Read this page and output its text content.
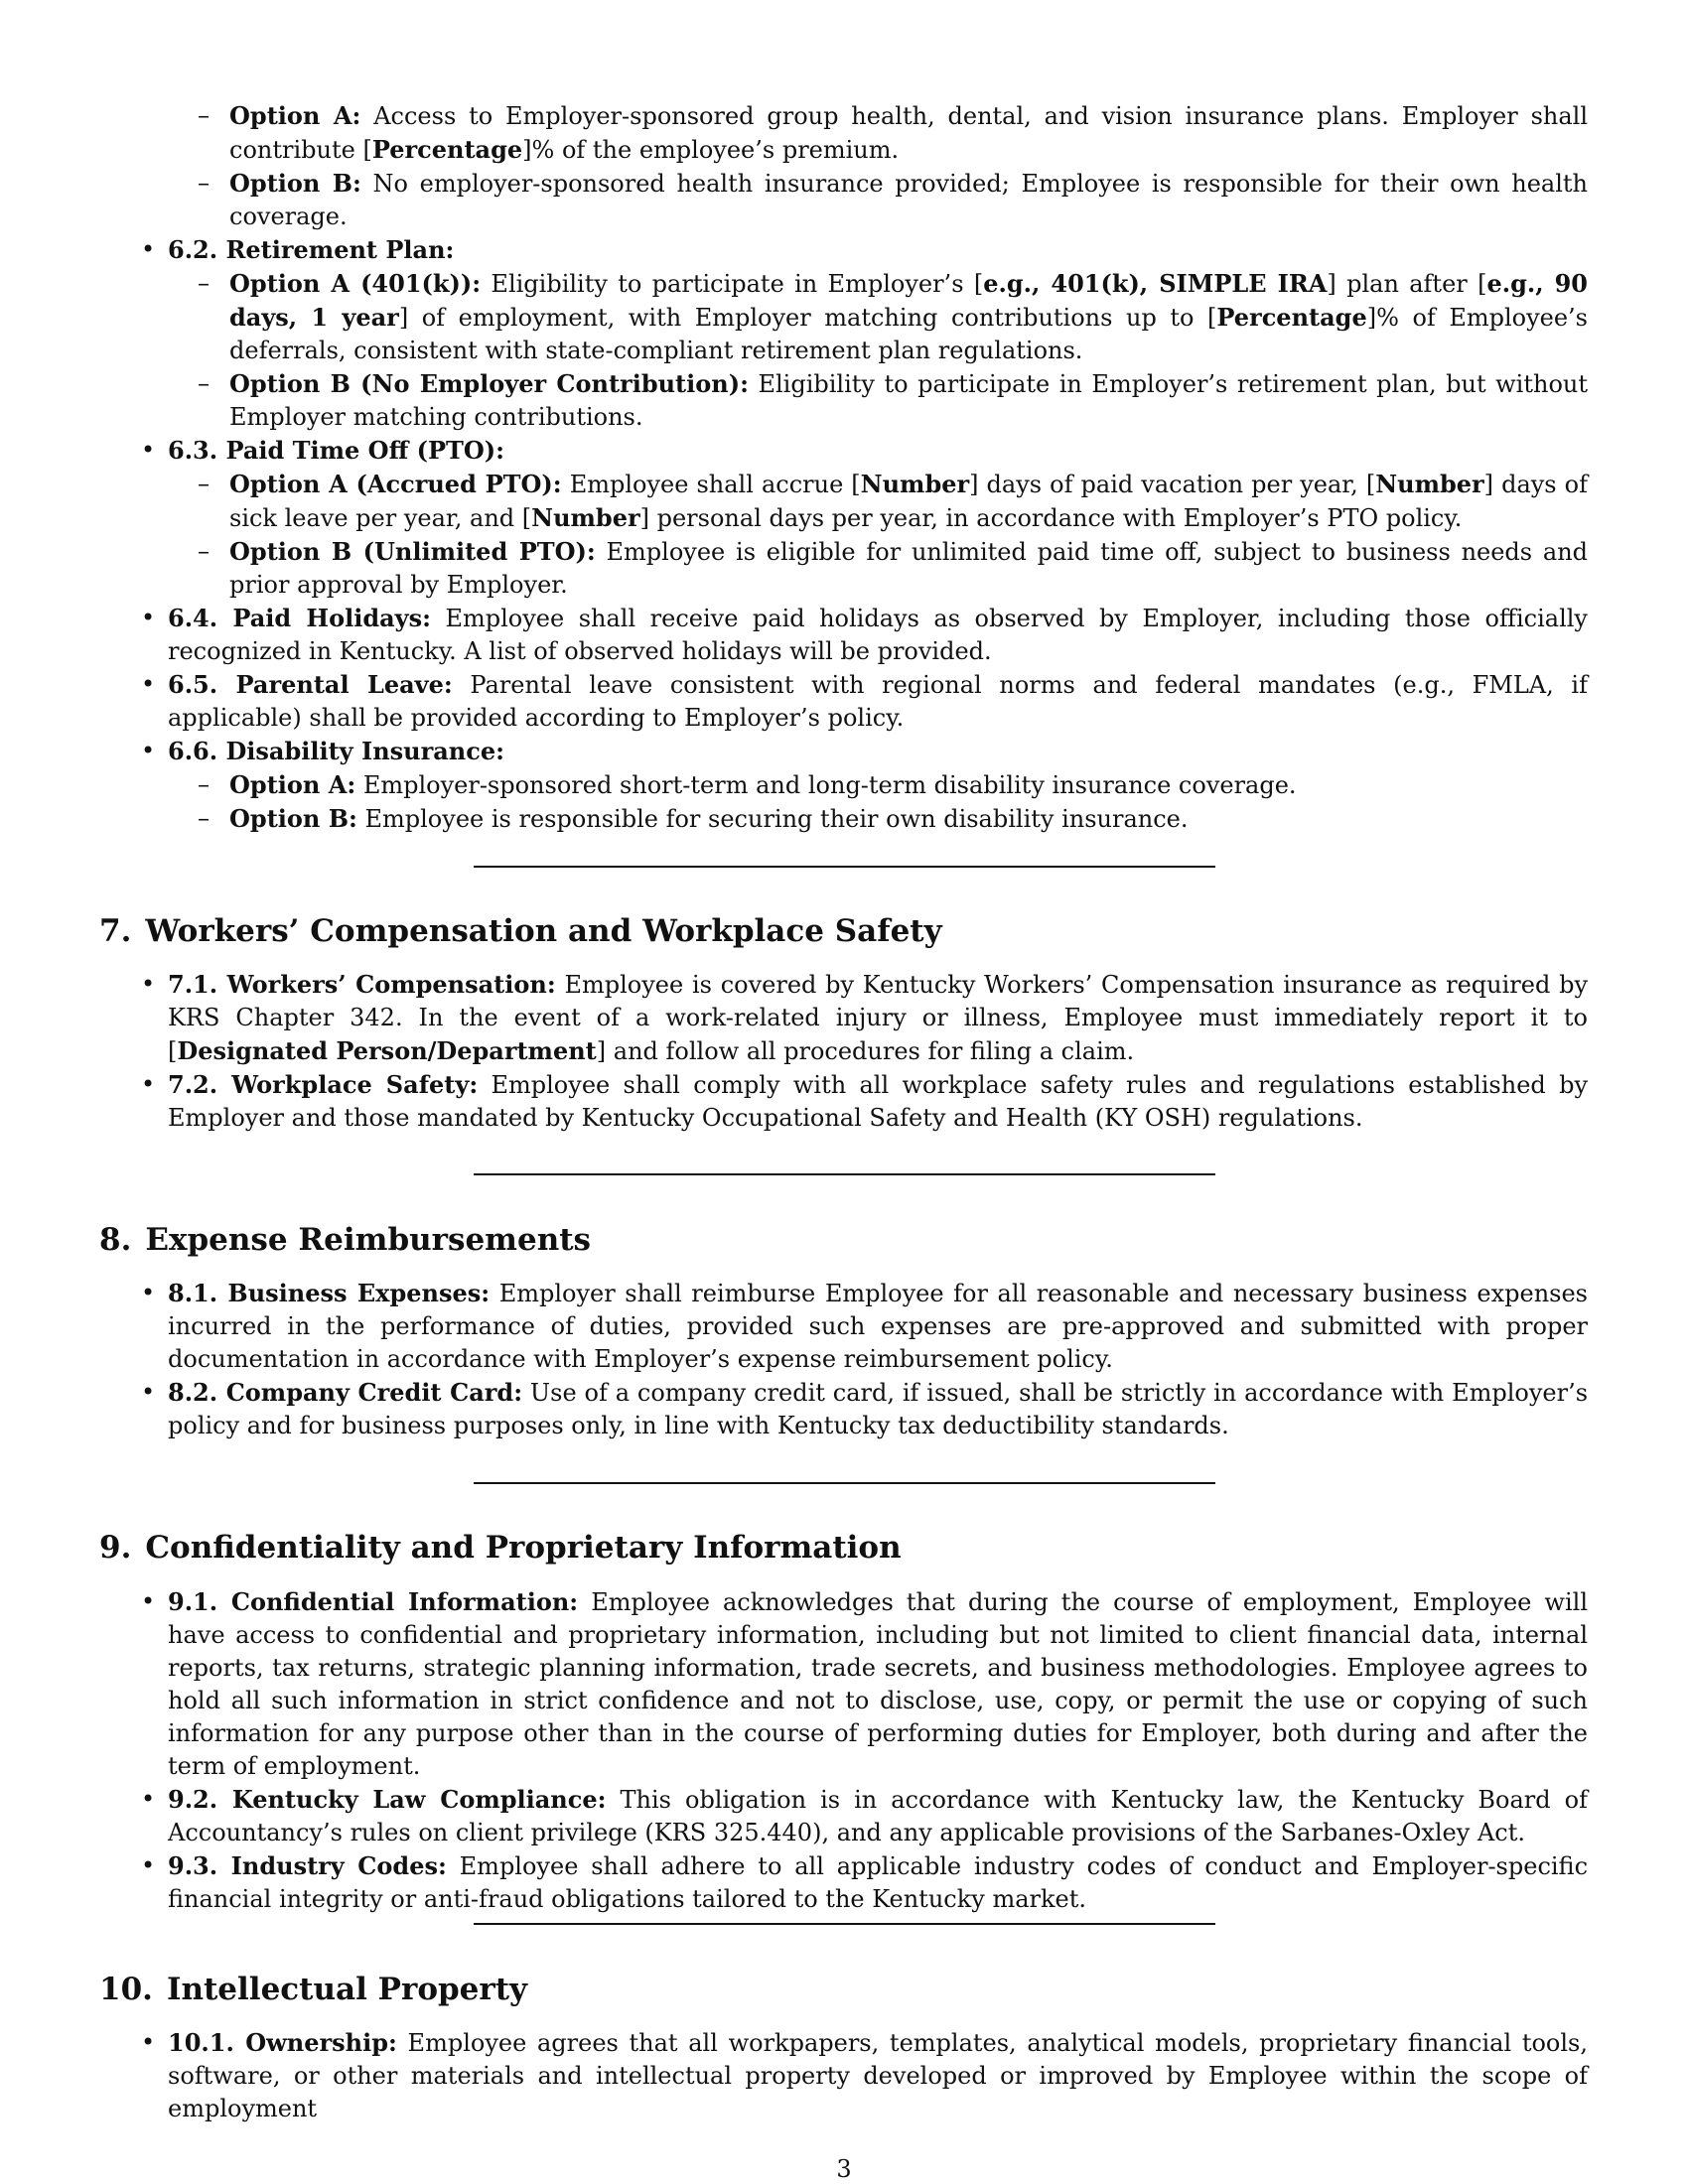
– Option A: Access to Employer-sponsored group health, dental, and vision insurance plans. Employer shall contribute [Percentage]% of the employee’s premium.
– Option B: No employer-sponsored health insurance provided; Employee is responsible for their own health coverage.
• 6.2. Retirement Plan:
– Option A (401(k)): Eligibility to participate in Employer’s [e.g., 401(k), SIMPLE IRA] plan after [e.g., 90 days, 1 year] of employment, with Employer matching contributions up to [Percentage]% of Employee’s deferrals, consistent with state-compliant retirement plan regulations.
– Option B (No Employer Contribution): Eligibility to participate in Employer’s retirement plan, but without Employer matching contributions.
• 6.3. Paid Time Off (PTO):
– Option A (Accrued PTO): Employee shall accrue [Number] days of paid vacation per year, [Number] days of sick leave per year, and [Number] personal days per year, in accordance with Employer’s PTO policy.
– Option B (Unlimited PTO): Employee is eligible for unlimited paid time off, subject to business needs and prior approval by Employer.
• 6.4. Paid Holidays: Employee shall receive paid holidays as observed by Employer, including those officially recognized in Kentucky. A list of observed holidays will be provided.
• 6.5. Parental Leave: Parental leave consistent with regional norms and federal mandates (e.g., FMLA, if applicable) shall be provided according to Employer’s policy.
• 6.6. Disability Insurance:
– Option A: Employer-sponsored short-term and long-term disability insurance coverage.
– Option B: Employee is responsible for securing their own disability insurance.
7. Workers’ Compensation and Workplace Safety
• 7.1. Workers’ Compensation: Employee is covered by Kentucky Workers’ Compensation insurance as required by KRS Chapter 342. In the event of a work-related injury or illness, Employee must immediately report it to [Designated Person/Department] and follow all procedures for filing a claim.
• 7.2. Workplace Safety: Employee shall comply with all workplace safety rules and regulations established by Employer and those mandated by Kentucky Occupational Safety and Health (KY OSH) regulations.
8. Expense Reimbursements
• 8.1. Business Expenses: Employer shall reimburse Employee for all reasonable and necessary business expenses incurred in the performance of duties, provided such expenses are pre-approved and submitted with proper documentation in accordance with Employer’s expense reimbursement policy.
• 8.2. Company Credit Card: Use of a company credit card, if issued, shall be strictly in accordance with Employer’s policy and for business purposes only, in line with Kentucky tax deductibility standards.
9. Confidentiality and Proprietary Information
• 9.1. Confidential Information: Employee acknowledges that during the course of employment, Employee will have access to confidential and proprietary information, including but not limited to client financial data, internal reports, tax returns, strategic planning information, trade secrets, and business methodologies. Employee agrees to hold all such information in strict confidence and not to disclose, use, copy, or permit the use or copying of such information for any purpose other than in the course of performing duties for Employer, both during and after the term of employment.
• 9.2. Kentucky Law Compliance: This obligation is in accordance with Kentucky law, the Kentucky Board of Accountancy’s rules on client privilege (KRS 325.440), and any applicable provisions of the Sarbanes-Oxley Act.
• 9.3. Industry Codes: Employee shall adhere to all applicable industry codes of conduct and Employer-specific financial integrity or anti-fraud obligations tailored to the Kentucky market.
10. Intellectual Property
• 10.1. Ownership: Employee agrees that all workpapers, templates, analytical models, proprietary financial tools, software, or other materials and intellectual property developed or improved by Employee within the scope of employment
3
